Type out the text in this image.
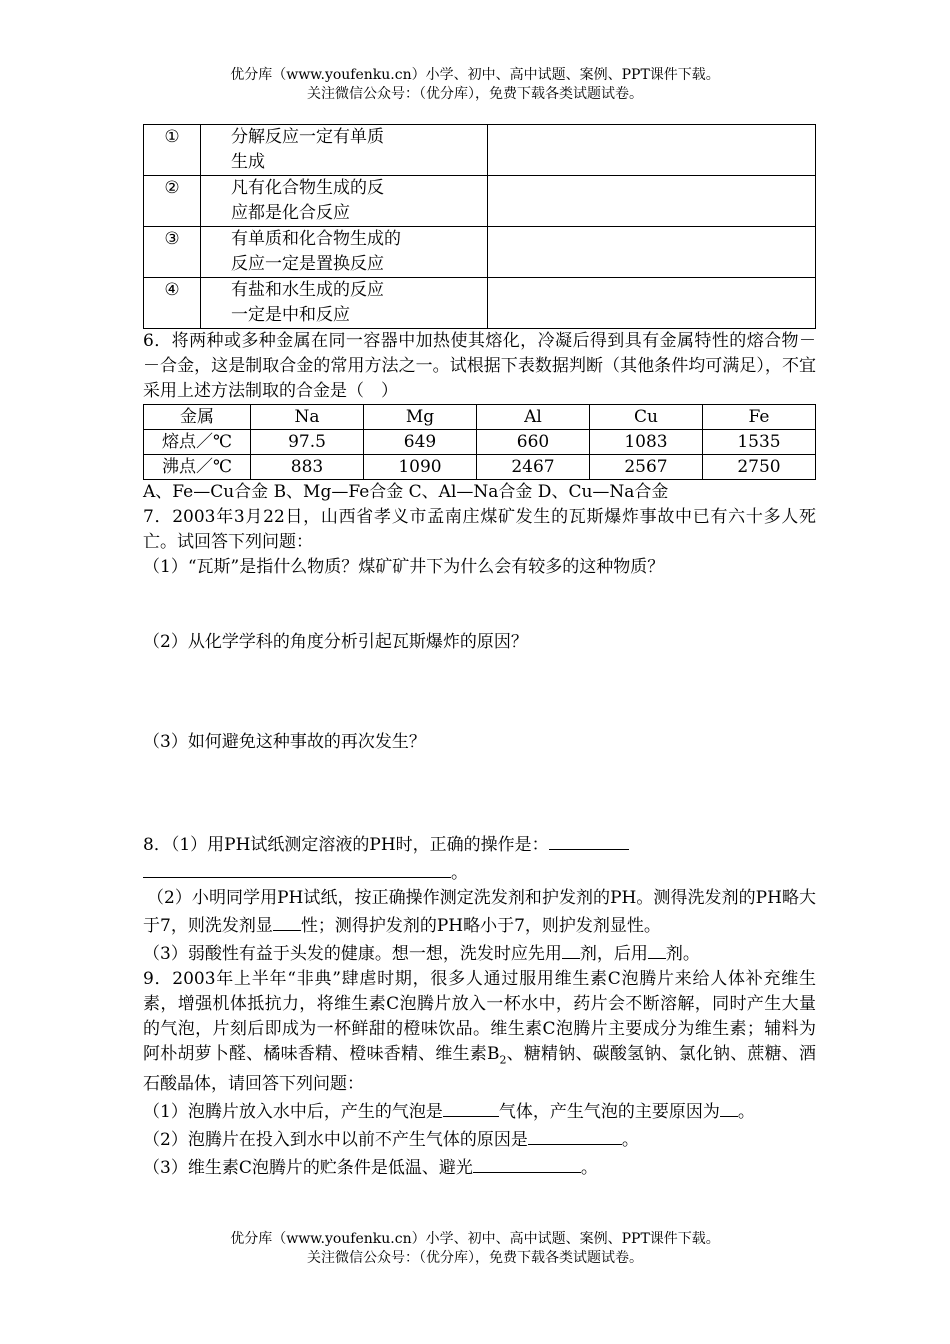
优分库（www.youfenku.cn）小学、初中、高中试题、案例、PPT课件下载。
关注微信公众号：（优分库），免费下载各类试题试卷。
①	分解反应一定有单质
生成	

②	凡有化合物生成的反
应都是化合反应	

③	有单质和化合物生成的
反应一定是置换反应	

④	有盐和水生成的反应
一定是中和反应	

6．将两种或多种金属在同一容器中加热使其熔化，冷凝后得到具有金属特性的熔合物－－合金，这是制取合金的常用方法之一。试根据下表数据判断（其他条件均可满足），不宜采用上述方法制取的合金是（　）

金属	Na	Mg	Al	Cu	Fe
熔点／℃	97.5	649	660	1083	1535
沸点／℃	883	1090	2467	2567	2750

A、Fe—Cu合金 B、Mg—Fe合金 C、Al—Na合金 D、Cu—Na合金

7．2003年3月22日，山西省孝义市孟南庄煤矿发生的瓦斯爆炸事故中已有六十多人死亡。试回答下列问题：

（1）“瓦斯”是指什么物质？煤矿矿井下为什么会有较多的这种物质？

（2）从化学学科的角度分析引起瓦斯爆炸的原因？

（3）如何避免这种事故的再次发生？

8．（1）用PH试纸测定溶液的PH时，正确的操作是：

。

（2）小明同学用PH试纸，按正确操作测定洗发剂和护发剂的PH。测得洗发剂的PH略大于7，则洗发剂显 性；测得护发剂的PH略小于7，则护发剂显性。

（3）弱酸性有益于头发的健康。想一想，洗发时应先用 剂，后用 剂。

9．2003年上半年“非典”肆虐时期，很多人通过服用维生素C泡腾片来给人体补充维生素，增强机体抵抗力，将维生素C泡腾片放入一杯水中，药片会不断溶解，同时产生大量的气泡，片刻后即成为一杯鲜甜的橙味饮品。维生素C泡腾片主要成分为维生素；辅料为阿朴胡萝卜醛、橘味香精、橙味香精、维生素$B_2$、糖精钠、碳酸氢钠、氯化钠、蔗糖、酒石酸晶体，请回答下列问题：

（1）泡腾片放入水中后，产生的气泡是	气体，产生气泡的主要原因为 。

（2）泡腾片在投入到水中以前不产生气体的原因是	。

（3）维生素C泡腾片的贮条件是低温、避光	。

优分库（www.youfenku.cn）小学、初中、高中试题、案例、PPT课件下载。
关注微信公众号：（优分库），免费下载各类试题试卷。
